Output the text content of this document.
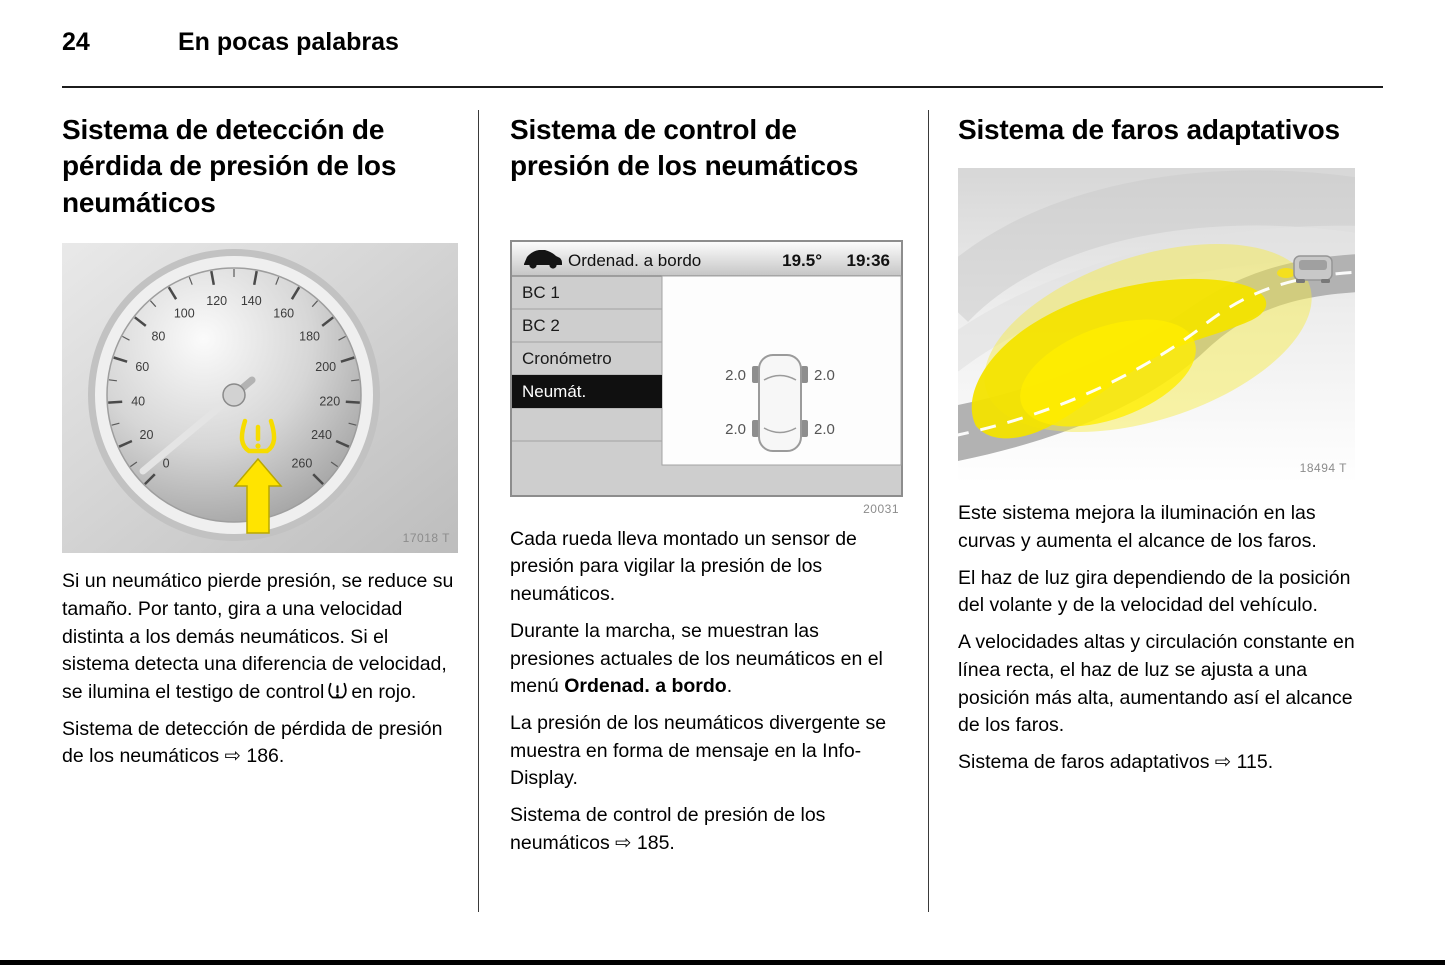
24	En pocas palabras
Sistema de detección de pérdida de presión de los neumáticos
0
20
40
60
80
100
120 140
160
180
200
220
240
260
17018 T

Si un neumático pierde presión, se reduce su tamaño. Por tanto, gira a una velocidad distinta a los demás neumáticos. Si el sistema detecta una diferencia de velocidad, se ilumina el testigo de control en rojo.

Sistema de detección de pérdida de presión de los neumáticos ⇨ 186.

Sistema de control de presión de los neumáticos
Ordenad. a bordo	19.5° 19:36
BC 1
BC 2
Cronómetro
Neumát.
2.0	2.0
2.0	2.0
20031

Cada rueda lleva montado un sensor de presión para vigilar la presión de los neumáticos.

Durante la marcha, se muestran las presiones actuales de los neumáticos en el menú Ordenad. a bordo.

La presión de los neumáticos divergente se muestra en forma de mensaje en la Info-Display.

Sistema de control de presión de los neumáticos ⇨ 185.

Sistema de faros adaptativos
18494 T

Este sistema mejora la iluminación en las curvas y aumenta el alcance de los faros.

El haz de luz gira dependiendo de la posición del volante y de la velocidad del vehículo.

A velocidades altas y circulación constante en línea recta, el haz de luz se ajusta a una posición más alta, aumentando así el alcance de los faros.

Sistema de faros adaptativos ⇨ 115.
